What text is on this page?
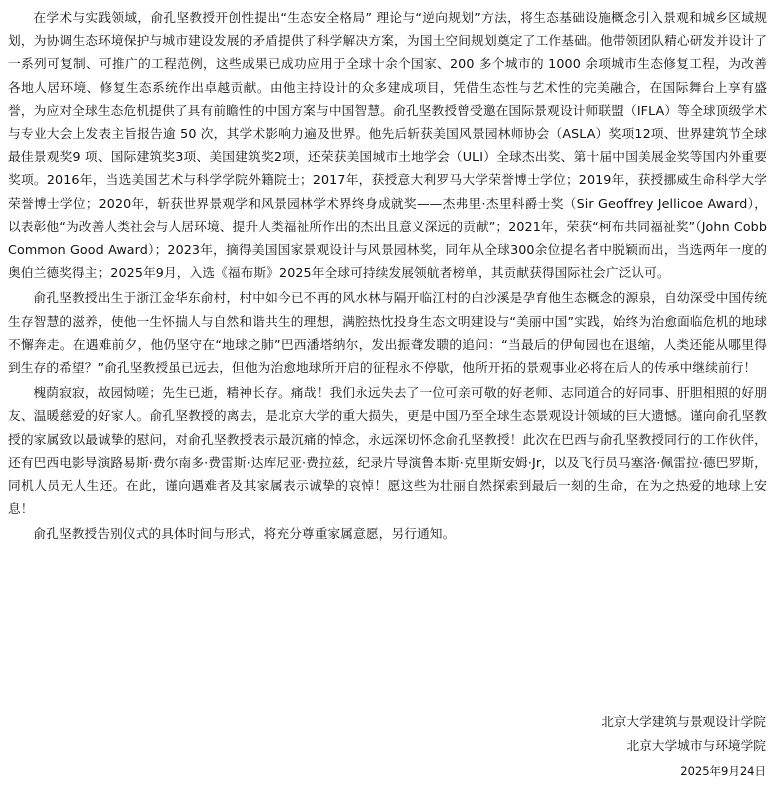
在学术与实践领域，俞孔坚教授开创性提出“生态安全格局” 理论与“逆向规划”方法，将生态基础设施概念引入景观和城乡区域规划，为协调生态环境保护与城市建设发展的矛盾提供了科学解决方案，为国土空间规划奠定了工作基础。他带领团队精心研发并设计了一系列可复制、可推广的工程范例，这些成果已成功应用于全球十余个国家、200 多个城市的 1000 余项城市生态修复工程，为改善各地人居环境、修复生态系统作出卓越贡献。由他主持设计的众多建成项目，凭借生态性与艺术性的完美融合，在国际舞台上享有盛誉，为应对全球生态危机提供了具有前瞻性的中国方案与中国智慧。俞孔坚教授曾受邀在国际景观设计师联盟（IFLA）等全球顶级学术与专业大会上发表主旨报告逾 50 次，其学术影响力遍及世界。他先后斩获美国风景园林师协会（ASLA）奖项12项、世界建筑节全球最佳景观奖9 项、国际建筑奖3项、美国建筑奖2项，还荣获美国城市土地学会（ULI）全球杰出奖、第十届中国美展金奖等国内外重要奖项。2016年，当选美国艺术与科学学院外籍院士；2017年，获授意大利罗马大学荣誉博士学位；2019年，获授挪威生命科学大学荣誉博士学位；2020年，斩获世界景观学和风景园林学术界终身成就奖——杰弗里·杰里科爵士奖（Sir Geoffrey Jellicoe Award），以表彰他“为改善人类社会与人居环境、提升人类福祉所作出的杰出且意义深远的贡献”；2021年，荣获“柯布共同福祉奖”（John Cobb Common Good Award）；2023年，摘得美国国家景观设计与风景园林奖，同年从全球300余位提名者中脱颖而出，当选两年一度的奥伯兰德奖得主；2025年9月，入选《福布斯》2025年全球可持续发展领航者榜单，其贡献获得国际社会广泛认可。

俞孔坚教授出生于浙江金华东俞村，村中如今已不再的风水林与隔开临江村的白沙溪是孕育他生态概念的源泉，自幼深受中国传统生存智慧的滋养，使他一生怀揣人与自然和谐共生的理想，满腔热忱投身生态文明建设与“美丽中国”实践，始终为治愈面临危机的地球不懈奔走。在遇难前夕，他仍坚守在“地球之肺”巴西潘塔纳尔，发出振聋发聩的追问：“当最后的伊甸园也在退缩，人类还能从哪里得到生存的希望？”俞孔坚教授虽已远去，但他为治愈地球所开启的征程永不停歇，他所开拓的景观事业必将在后人的传承中继续前行！

槐荫寂寂，故园恸嗟；先生已逝，精神长存。痛哉！我们永远失去了一位可亲可敬的好老师、志同道合的好同事、肝胆相照的好朋友、温暖慈爱的好家人。俞孔坚教授的离去，是北京大学的重大损失，更是中国乃至全球生态景观设计领域的巨大遗憾。谨向俞孔坚教授的家属致以最诚挚的慰问，对俞孔坚教授表示最沉痛的悼念，永远深切怀念俞孔坚教授！此次在巴西与俞孔坚教授同行的工作伙伴，还有巴西电影导演路易斯·费尔南多·费雷斯·达库尼亚·费拉兹，纪录片导演鲁本斯·克里斯安姆·Jr，以及飞行员马塞洛·佩雷拉·德巴罗斯，同机人员无人生还。在此，谨向遇难者及其家属表示诚挚的哀悼！愿这些为壮丽自然探索到最后一刻的生命，在为之热爱的地球上安息！

俞孔坚教授告别仪式的具体时间与形式，将充分尊重家属意愿，另行通知。

北京大学建筑与景观设计学院
北京大学城市与环境学院
2025年9月24日
